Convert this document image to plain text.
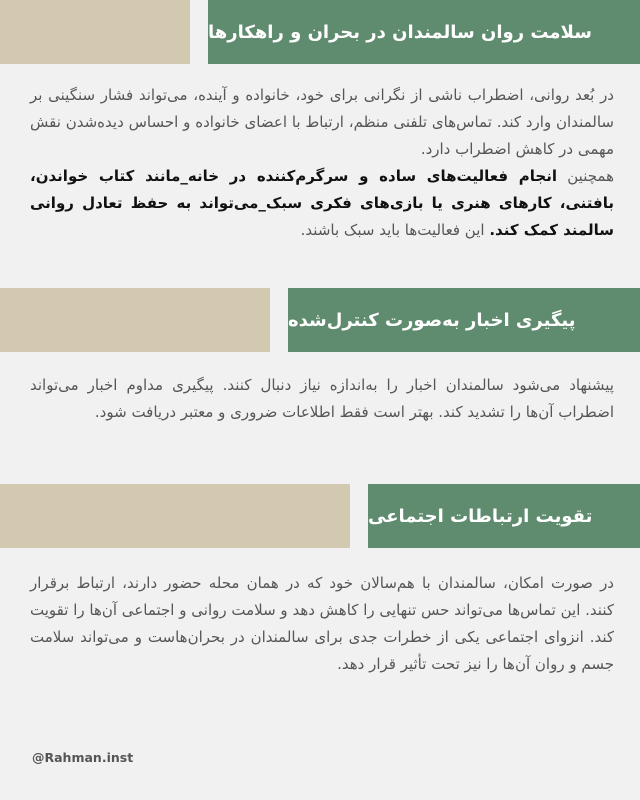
سلامت روان سالمندان در بحران و راهکارها
در بُعد روانی، اضطراب ناشی از نگرانی برای خود، خانواده و آینده، می‌تواند فشار سنگینی بر سالمندان وارد کند. تماس‌های تلفنی منظم، ارتباط با اعضای خانواده و احساس دیده‌شدن نقش مهمی در کاهش اضطراب دارد.
همچنین انجام فعالیت‌های ساده و سرگرم‌کننده در خانه_مانند کتاب خواندن، بافتنی، کارهای هنری یا بازی‌های فکری سبک_می‌تواند به حفظ تعادل روانی سالمند کمک کند. این فعالیت‌ها باید سبک باشند.
پیگیری اخبار به‌صورت کنترل‌شده
پیشنهاد می‌شود سالمندان اخبار را به‌اندازه نیاز دنبال کنند. پیگیری مداوم اخبار می‌تواند اضطراب آن‌ها را تشدید کند. بهتر است فقط اطلاعات ضروری و معتبر دریافت شود.
تقویت ارتباطات اجتماعی
در صورت امکان، سالمندان با هم‌سالان خود که در همان محله حضور دارند، ارتباط برقرار کنند. این تماس‌ها می‌تواند حس تنهایی را کاهش دهد و سلامت روانی و اجتماعی آن‌ها را تقویت کند. انزوای اجتماعی یکی از خطرات جدی برای سالمندان در بحران‌هاست و می‌تواند سلامت جسم و روان آن‌ها را نیز تحت تأثیر قرار دهد.
@Rahman.inst
